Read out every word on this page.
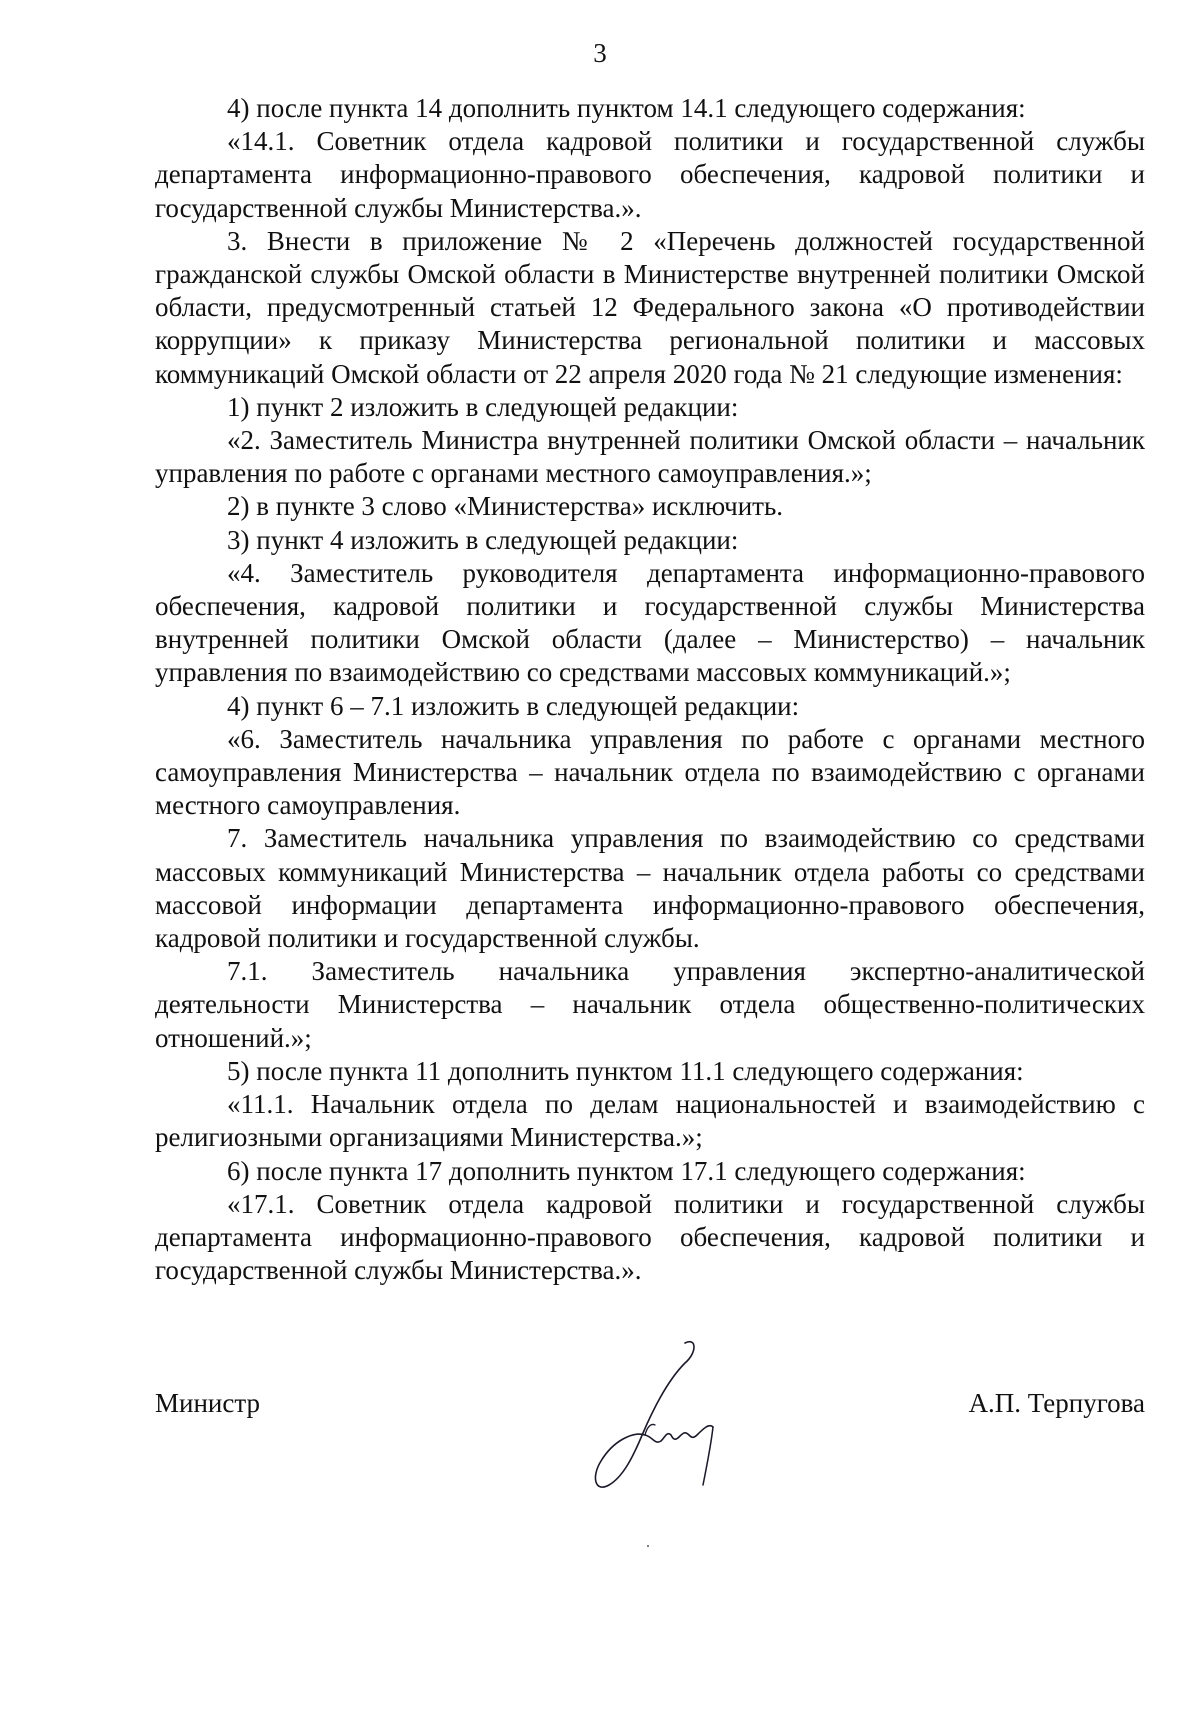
3

4) после пункта 14 дополнить пунктом 14.1 следующего содержания:

«14.1. Советник отдела кадровой политики и государственной службы департамента информационно-правового обеспечения, кадровой политики и государственной службы Министерства.».

3. Внести в приложение № 2 «Перечень должностей государственной гражданской службы Омской области в Министерстве внутренней политики Омской области, предусмотренный статьей 12 Федерального закона «О противодействии коррупции» к приказу Министерства региональной политики и массовых коммуникаций Омской области от 22 апреля 2020 года № 21 следующие изменения:

1) пункт 2 изложить в следующей редакции:

«2. Заместитель Министра внутренней политики Омской области – начальник управления по работе с органами местного самоуправления.»;

2) в пункте 3 слово «Министерства» исключить.

3) пункт 4 изложить в следующей редакции:

«4. Заместитель руководителя департамента информационно-правового обеспечения, кадровой политики и государственной службы Министерства внутренней политики Омской области (далее – Министерство) – начальник управления по взаимодействию со средствами массовых коммуникаций.»;

4) пункт 6 – 7.1 изложить в следующей редакции:

«6. Заместитель начальника управления по работе с органами местного самоуправления Министерства – начальник отдела по взаимодействию с органами местного самоуправления.

7. Заместитель начальника управления по взаимодействию со средствами массовых коммуникаций Министерства – начальник отдела работы со средствами массовой информации департамента информационно-правового обеспечения, кадровой политики и государственной службы.

7.1. Заместитель начальника управления экспертно-аналитической деятельности Министерства – начальник отдела общественно-политических отношений.»;

5) после пункта 11 дополнить пунктом 11.1 следующего содержания:

«11.1. Начальник отдела по делам национальностей и взаимодействию с религиозными организациями Министерства.»;

6) после пункта 17 дополнить пунктом 17.1 следующего содержания:

«17.1. Советник отдела кадровой политики и государственной службы департамента информационно-правового обеспечения, кадровой политики и государственной службы Министерства.».

Министр	А.П. Терпугова
